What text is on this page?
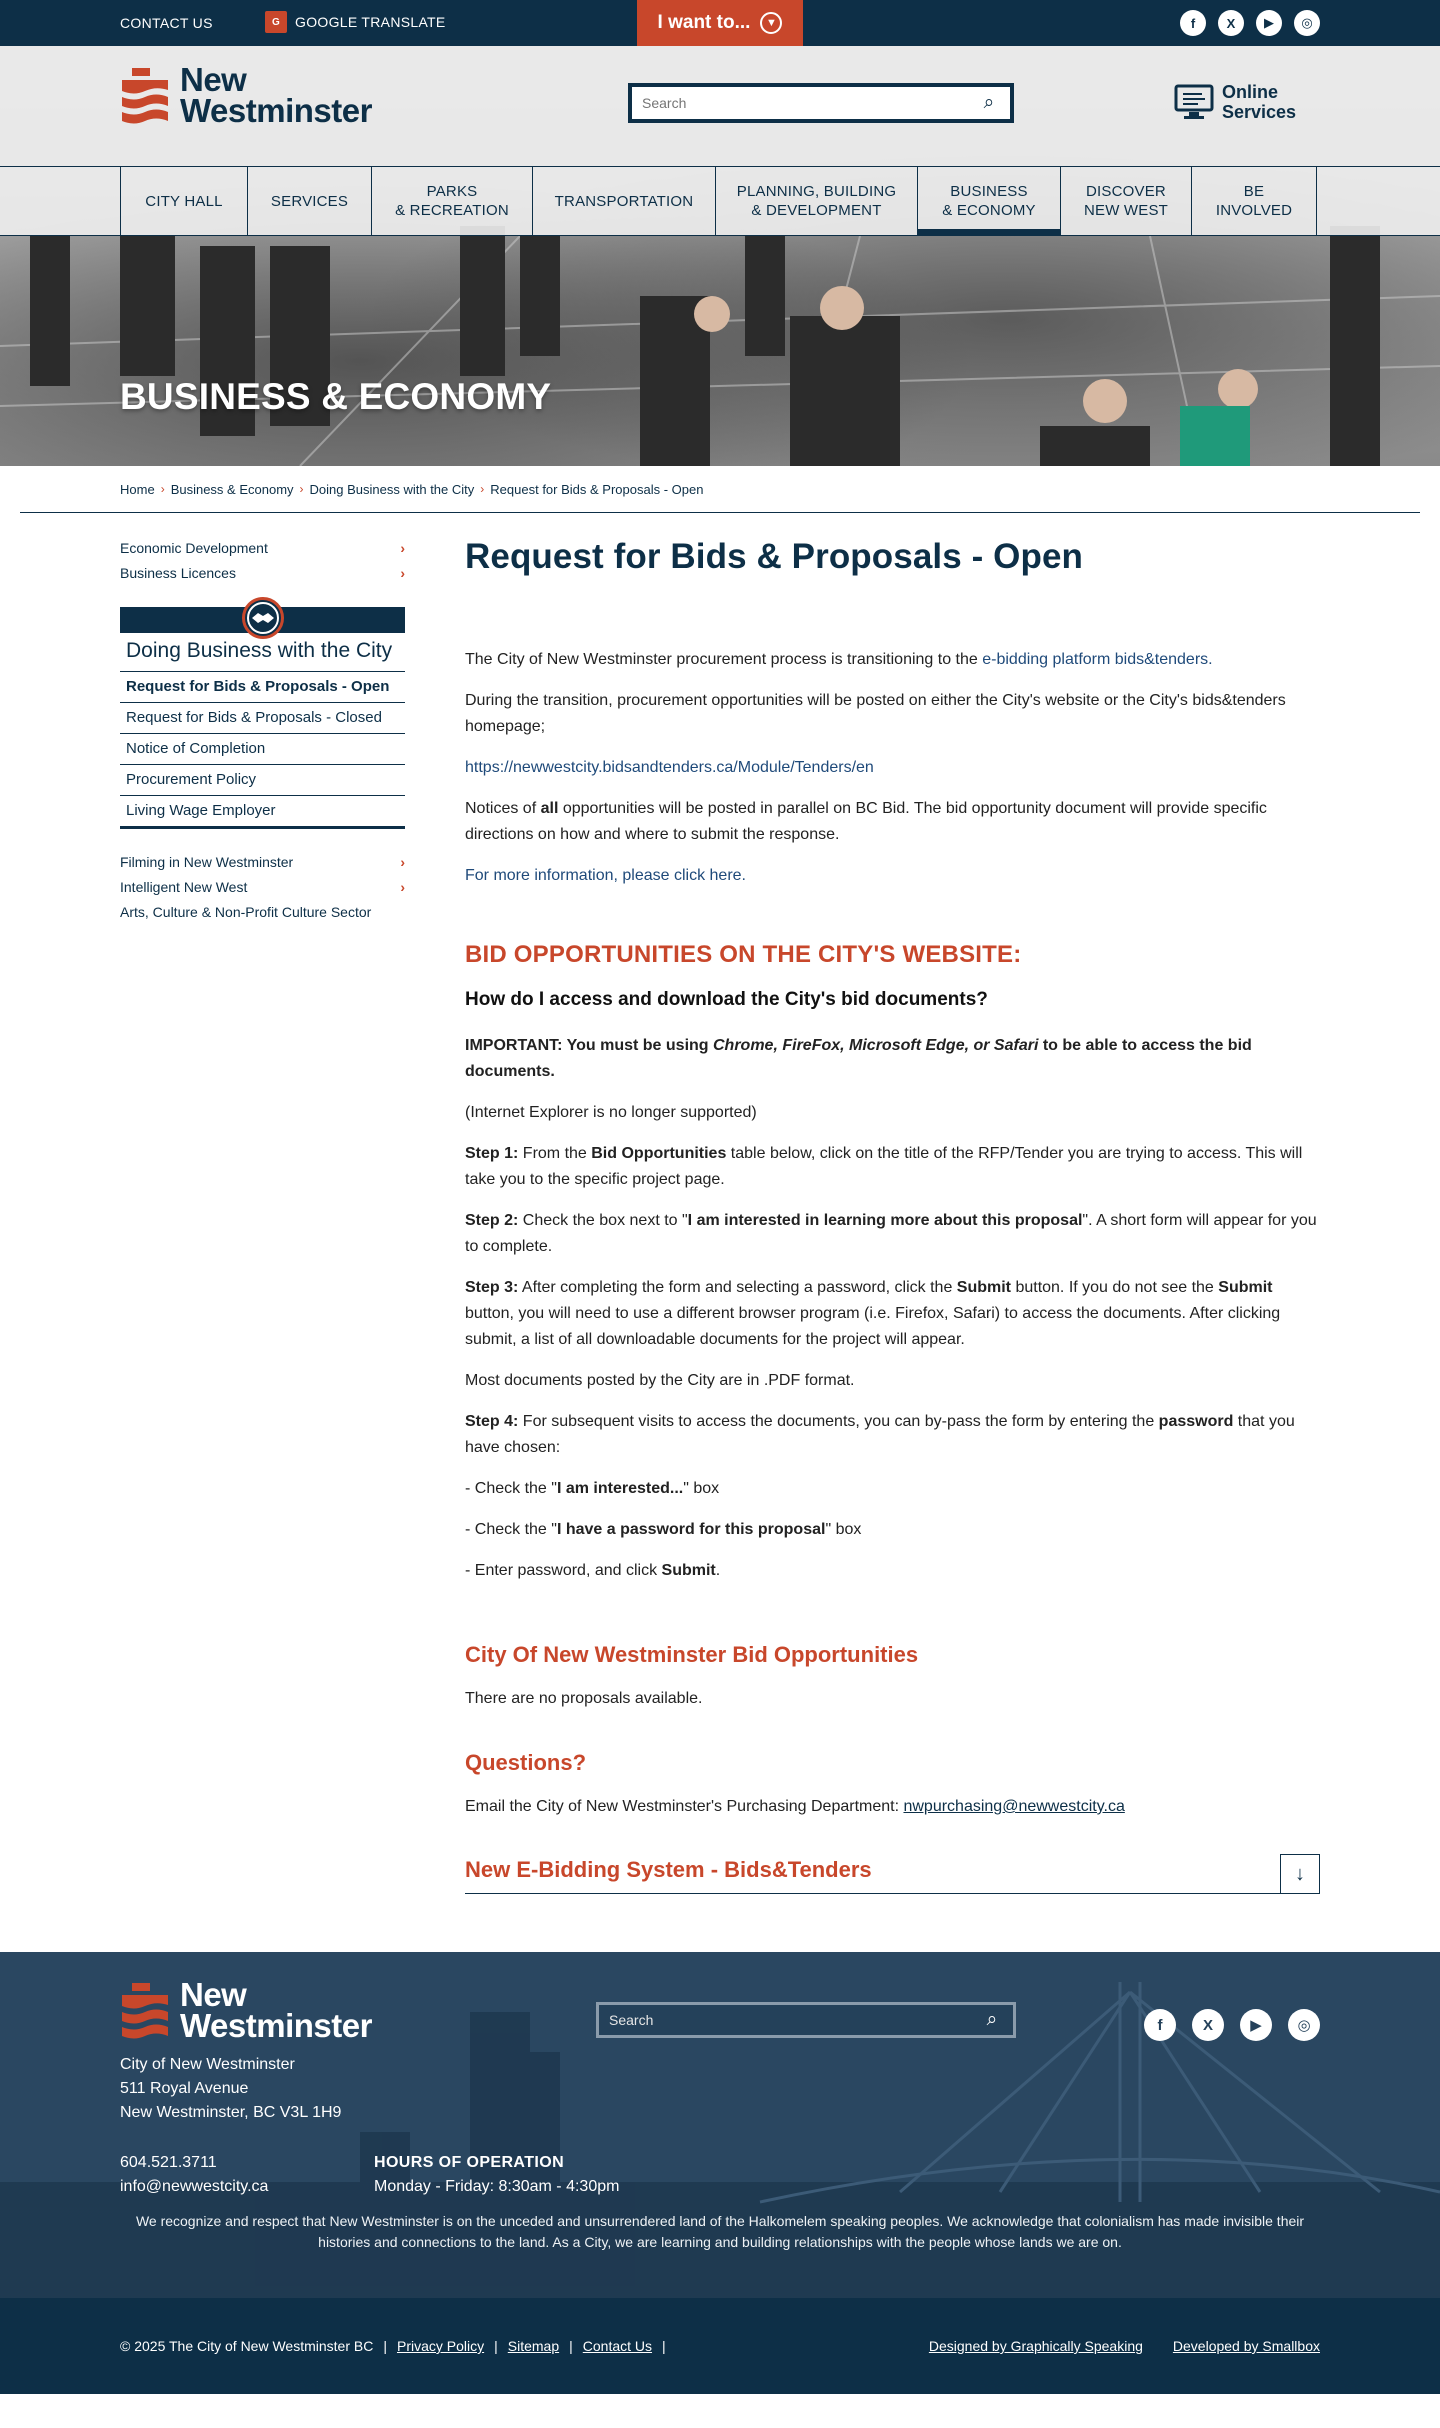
CONTACT US	G	GOOGLE TRANSLATE	I want to...	▼	f	X	▶	◎
New
Westminster
Search	⌕	Online
Services
CITY HALL	SERVICES
PARKS
& RECREATION
TRANSPORTATION
PLANNING, BUILDING
& DEVELOPMENT
BUSINESS
& ECONOMY
DISCOVER
NEW WEST
BE
INVOLVED
BUSINESS & ECONOMY
Home › Business & Economy › Doing Business with the City › Request for Bids & Proposals - Open
Economic Development	›
Business Licences	›
Doing Business with the City
Request for Bids & Proposals - Open
Request for Bids & Proposals - Closed
Notice of Completion
Procurement Policy
Living Wage Employer
Filming in New Westminster	›
Intelligent New West	›
Arts, Culture & Non-Profit Culture Sector
Request for Bids & Proposals - Open

The City of New Westminster procurement process is transitioning to the e-bidding platform bids&tenders.

During the transition, procurement opportunities will be posted on either the City's website or the City's bids&tenders homepage;

https://newwestcity.bidsandtenders.ca/Module/Tenders/en

Notices of all opportunities will be posted in parallel on BC Bid. The bid opportunity document will provide specific directions on how and where to submit the response.

For more information, please click here.

BID OPPORTUNITIES ON THE CITY'S WEBSITE:
How do I access and download the City's bid documents?

IMPORTANT: You must be using Chrome, FireFox, Microsoft Edge, or Safari to be able to access the bid documents.

(Internet Explorer is no longer supported)

Step 1: From the Bid Opportunities table below, click on the title of the RFP/Tender you are trying to access. This will take you to the specific project page.

Step 2: Check the box next to "I am interested in learning more about this proposal". A short form will appear for you to complete.

Step 3: After completing the form and selecting a password, click the Submit button. If you do not see the Submit button, you will need to use a different browser program (i.e. Firefox, Safari) to access the documents. After clicking submit, a list of all downloadable documents for the project will appear.

Most documents posted by the City are in .PDF format.

Step 4: For subsequent visits to access the documents, you can by-pass the form by entering the password that you have chosen:

- Check the "I am interested..." box

- Check the "I have a password for this proposal" box

- Enter password, and click Submit.

City Of New Westminster Bid Opportunities

There are no proposals available.

Questions?

Email the City of New Westminster's Purchasing Department: nwpurchasing@newwestcity.ca

New E-Bidding System - Bids&Tenders	↓
New
Westminster
Search	⌕	f	X	▶	◎
City of New Westminster
511 Royal Avenue
New Westminster, BC V3L 1H9
604.521.3711
info@newwestcity.ca
HOURS OF OPERATION
Monday - Friday: 8:30am - 4:30pm
We recognize and respect that New Westminster is on the unceded and unsurrendered land of the Halkomelem speaking peoples. We acknowledge that colonialism has made invisible their histories and connections to the land. As a City, we are learning and building relationships with the people whose lands we are on.
© 2025 The City of New Westminster BC | Privacy Policy | Sitemap | Contact Us |	Designed by Graphically Speaking Developed by Smallbox
